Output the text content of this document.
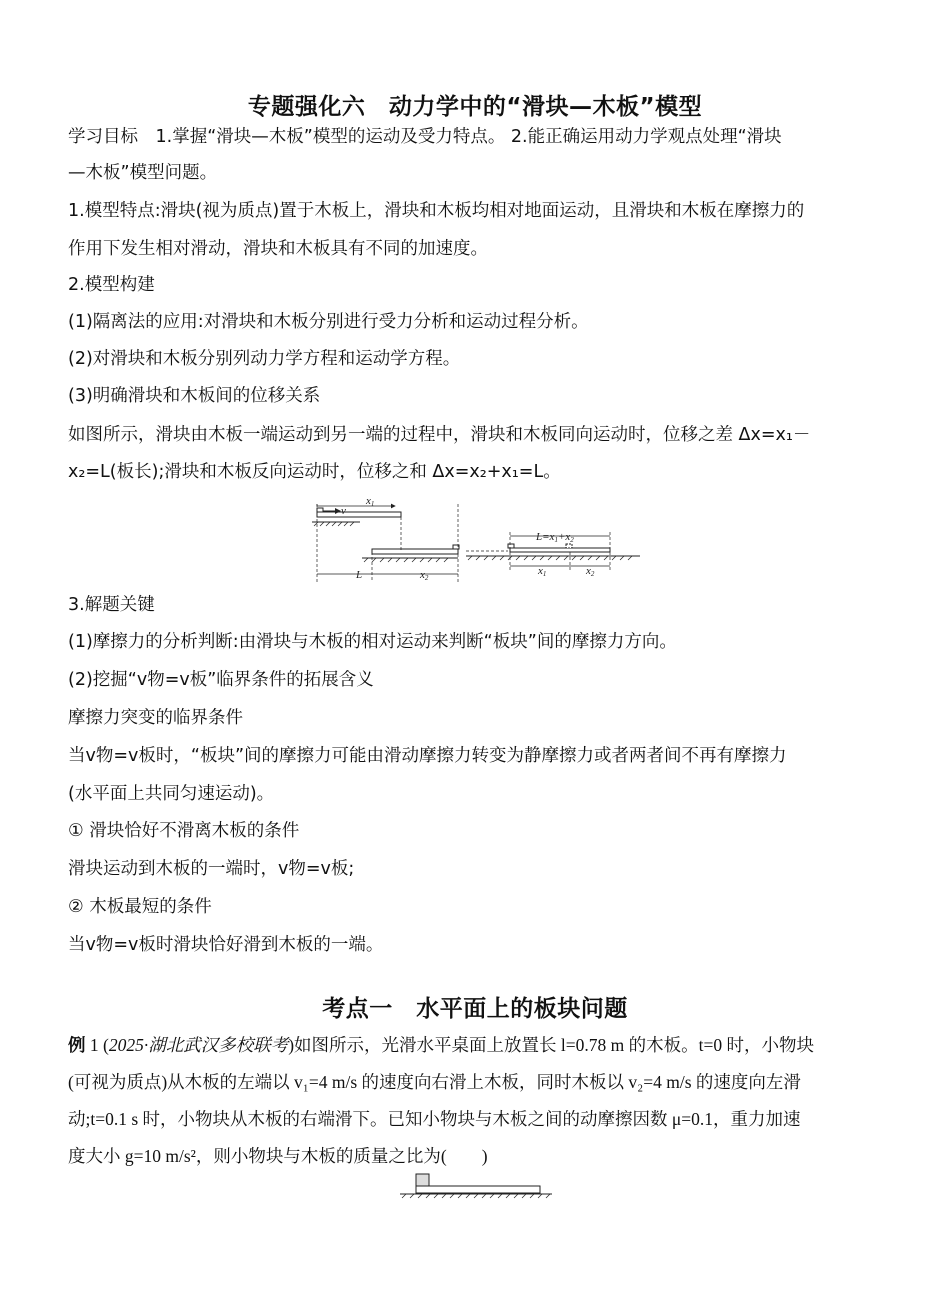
专题强化六　动力学中的“滑块—木板”模型
学习目标　1.掌握“滑块—木板”模型的运动及受力特点。 2.能正确运用动力学观点处理“滑块
—木板”模型问题。
1.模型特点:滑块(视为质点)置于木板上，滑块和木板均相对地面运动，且滑块和木板在摩擦力的
作用下发生相对滑动，滑块和木板具有不同的加速度。
2.模型构建
(1)隔离法的应用:对滑块和木板分别进行受力分析和运动过程分析。
(2)对滑块和木板分别列动力学方程和运动学方程。
(3)明确滑块和木板间的位移关系
如图所示，滑块由木板一端运动到另一端的过程中，滑块和木板同向运动时，位移之差 Δx=x₁－
x₂=L(板长);滑块和木板反向运动时，位移之和 Δx=x₂+x₁=L。
v
x1
L	x2
L=x1+x2
x1	x2
3.解题关键
(1)摩擦力的分析判断:由滑块与木板的相对运动来判断“板块”间的摩擦力方向。
(2)挖掘“v物=v板”临界条件的拓展含义
摩擦力突变的临界条件
当v物=v板时，“板块”间的摩擦力可能由滑动摩擦力转变为静摩擦力或者两者间不再有摩擦力
(水平面上共同匀速运动)。
① 滑块恰好不滑离木板的条件
滑块运动到木板的一端时，v物=v板;
② 木板最短的条件
当v物=v板时滑块恰好滑到木板的一端。
考点一　水平面上的板块问题
例 1 (2025·湖北武汉多校联考)如图所示，光滑水平桌面上放置长 l=0.78 m 的木板。t=0 时，小物块
(可视为质点)从木板的左端以 v₁=4 m/s 的速度向右滑上木板，同时木板以 v₂=4 m/s 的速度向左滑
动;t=0.1 s 时，小物块从木板的右端滑下。已知小物块与木板之间的动摩擦因数 μ=0.1，重力加速
度大小 g=10 m/s²，则小物块与木板的质量之比为(　　)
